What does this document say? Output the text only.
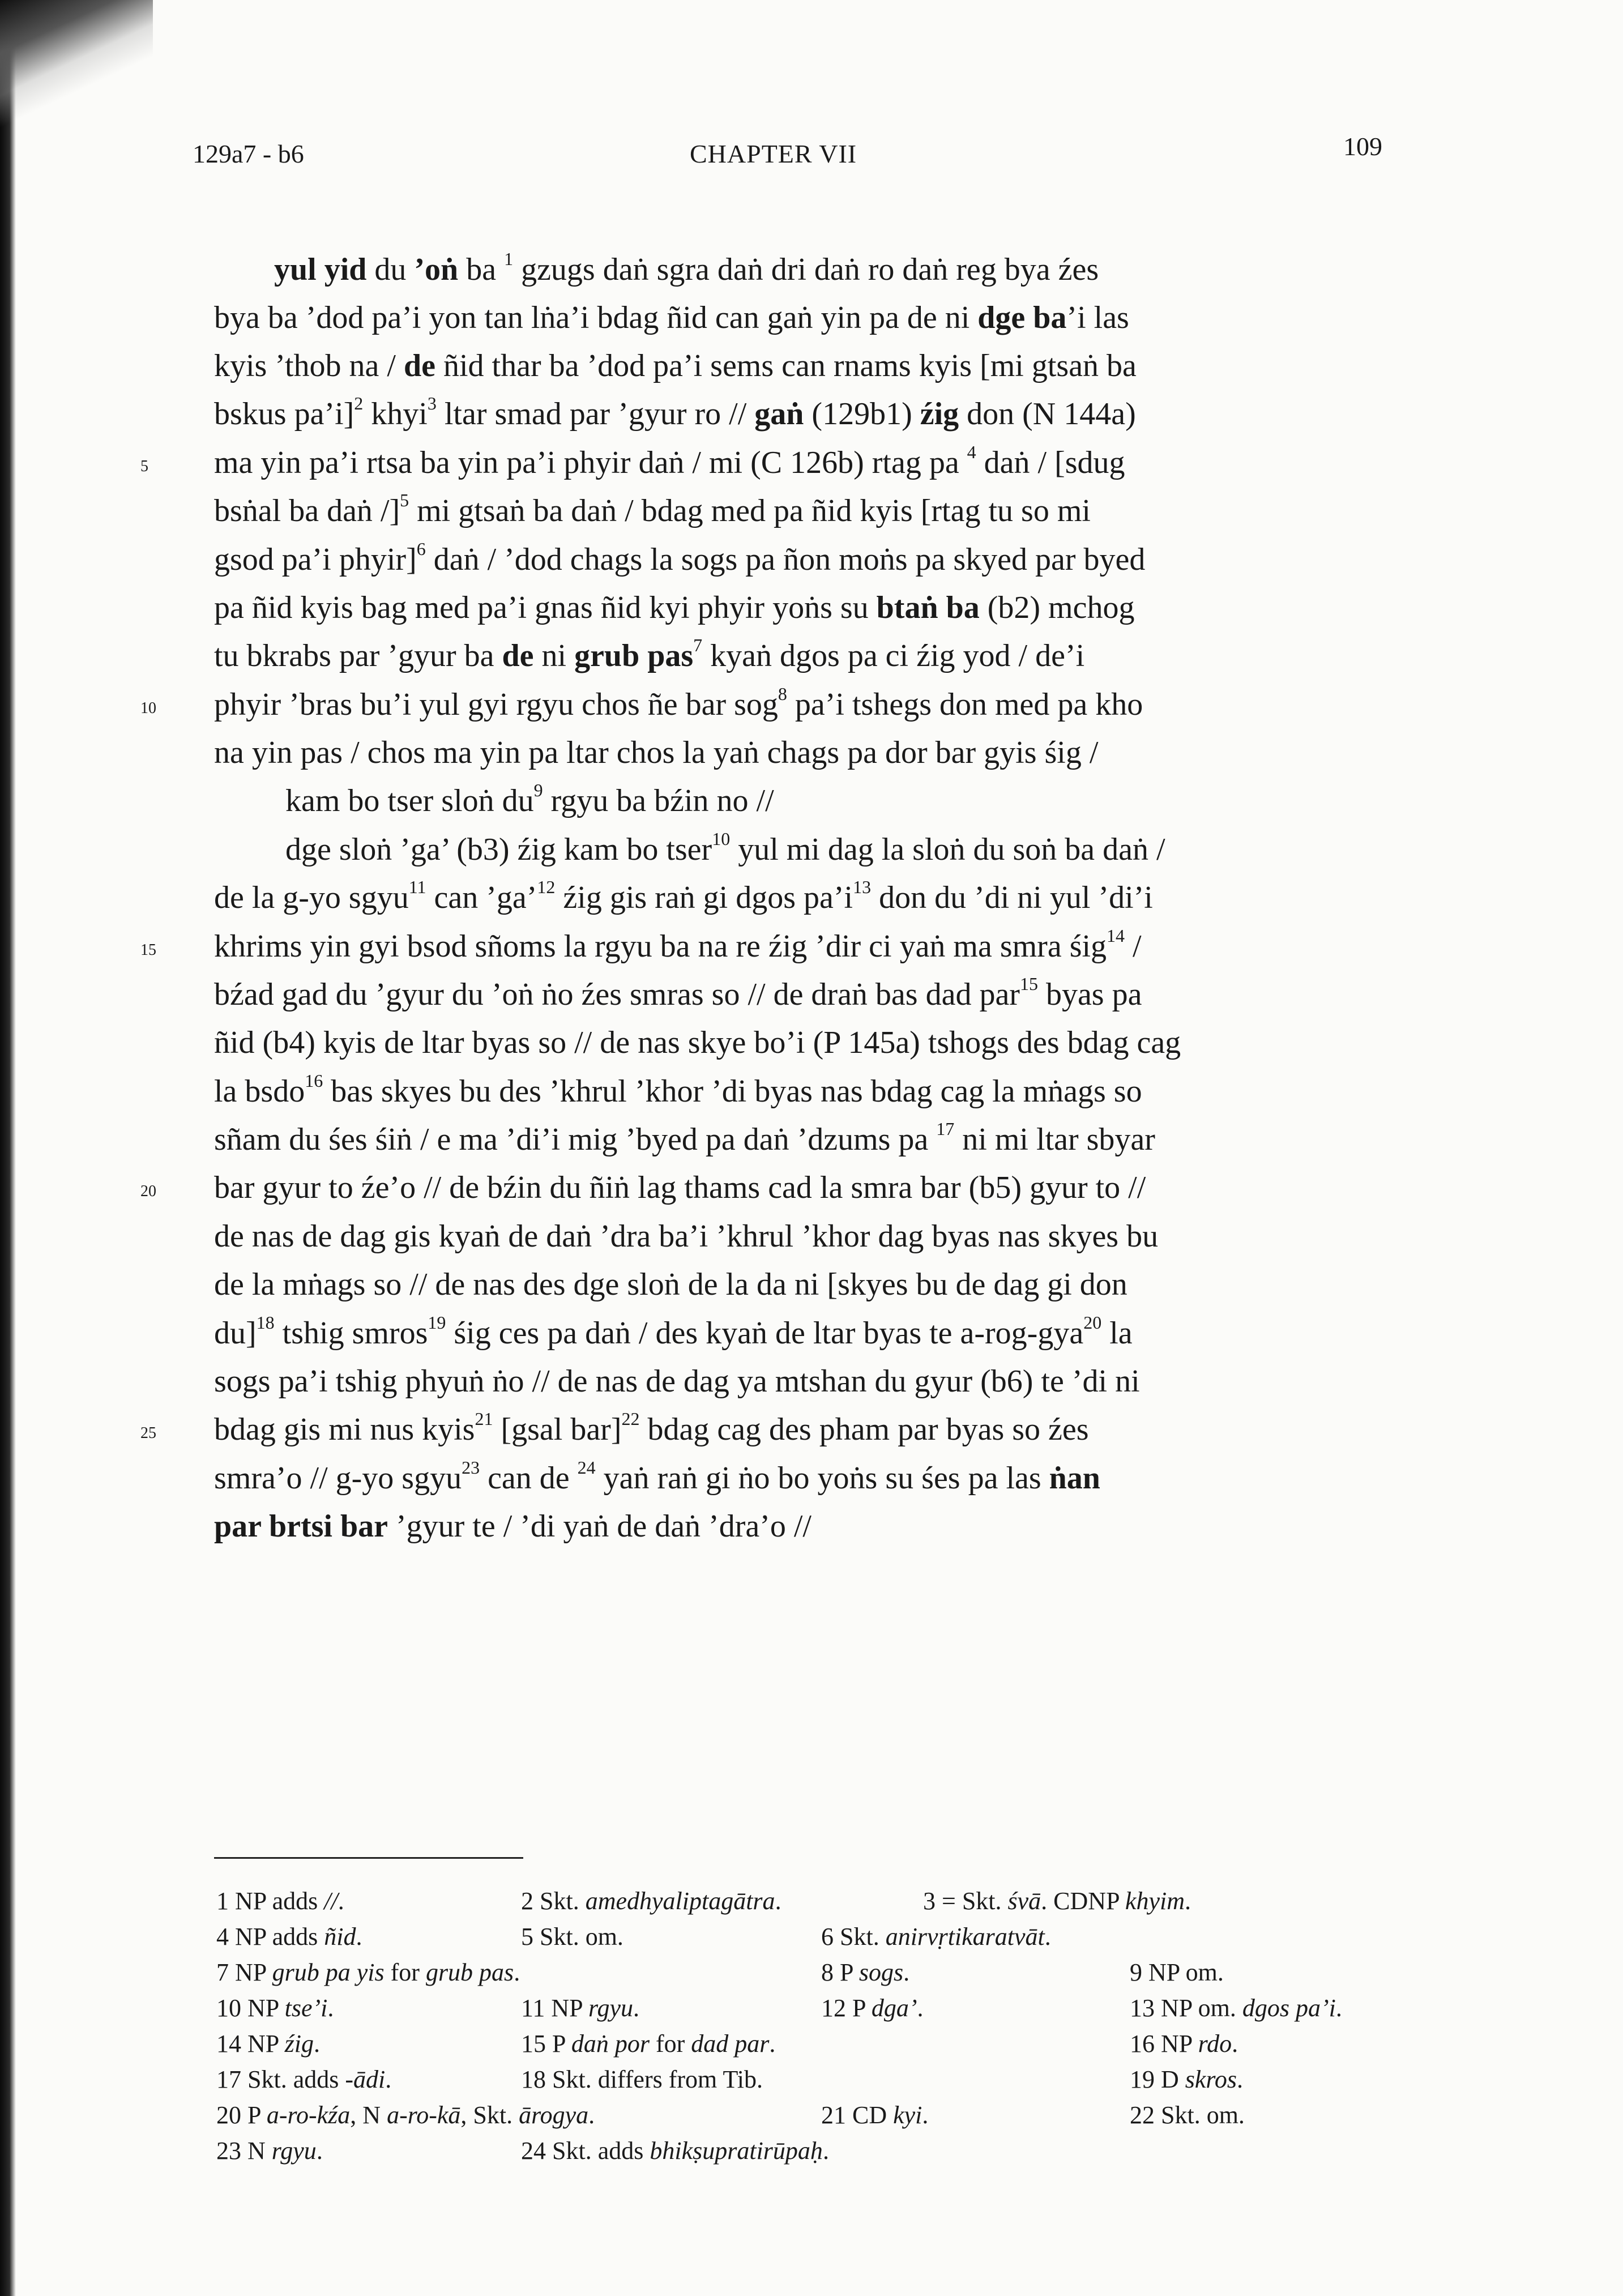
129a7 - b6	CHAPTER VII	109
yul yid du ’oṅ ba $^1$ gzugs daṅ sgra daṅ dri daṅ ro daṅ reg bya źes
bya ba ’dod pa’i yon tan lṅa’i bdag ñid can gaṅ yin pa de ni dge ba’i las
kyis ’thob na / de ñid thar ba ’dod pa’i sems can rnams kyis [mi gtsaṅ ba
bskus pa’i]$^2$ khyi$^3$ ltar smad par ’gyur ro // gaṅ (129b1) źig don (N 144a)
ma yin pa’i rtsa ba yin pa’i phyir daṅ / mi (C 126b) rtag pa $^4$ daṅ / [sdug
bsṅal ba daṅ /]$^5$ mi gtsaṅ ba daṅ / bdag med pa ñid kyis [rtag tu so mi
gsod pa’i phyir]$^6$ daṅ / ’dod chags la sogs pa ñon moṅs pa skyed par byed
pa ñid kyis bag med pa’i gnas ñid kyi phyir yoṅs su btaṅ ba (b2) mchog
tu bkrabs par ’gyur ba de ni grub pas$^7$ kyaṅ dgos pa ci źig yod / de’i
phyir ’bras bu’i yul gyi rgyu chos ñe bar sog$^8$ pa’i tshegs don med pa kho
na yin pas / chos ma yin pa ltar chos la yaṅ chags pa dor bar gyis śig /
kam bo tser sloṅ $du^9$ rgyu ba bźin no //
dge sloṅ ’ga’ (b3) źig kam bo tser$^{10}$ yul mi dag la sloṅ du soṅ ba daṅ /
de la g-yo sgyu$^{11}$ can ’ga’$^{12}$ źig gis raṅ gi dgos $pa’i^{13}$ don du ’di ni yul ’di’i
khrims yin gyi bsod sñoms la rgyu ba na re źig ’dir ci yaṅ ma smra śig$^{14}$ /
bźad gad du ’gyur du ’oṅ ṅo źes smras so // de draṅ bas dad par$^{15}$ byas pa
ñid (b4) kyis de ltar byas so // de nas skye bo’i (P 145a) tshogs des bdag cag
la bsdo$^{16}$ bas skyes bu des ’khrul ’khor ’di byas nas bdag cag la mṅags so
sñam du śes śiṅ / e ma ’di’i mig ’byed pa daṅ ’dzums pa $^{17}$ ni mi ltar sbyar
bar gyur to źe’o // de bźin du ñiṅ lag thams cad la smra bar (b5) gyur to //
de nas de dag gis kyaṅ de daṅ ’dra ba’i ’khrul ’khor dag byas nas skyes bu
de la mṅags so // de nas des dge sloṅ de la da ni [skyes bu de dag gi don
du]$^{18}$ tshig smros$^{19}$ śig ces pa daṅ / des kyaṅ de ltar byas te a-rog-gya$^{20}$ la
sogs pa’i tshig phyuṅ ṅo // de nas de dag ya mtshan du gyur (b6) te ’di ni
bdag gis mi nus kyis$^{21}$ [gsal bar]$^{22}$ bdag cag des pham par byas so źes
smra’o // g-yo sgyu$^{23}$ can de $^{24}$ yaṅ raṅ gi ṅo bo yoṅs su śes pa las ṅan
par brtsi bar ’gyur te / ’di yaṅ de daṅ ’dra’o //
5
10
15
20
25
1 NP adds //.	2 Skt. amedhyaliptagātra.	3 = Skt. śvā. CDNP khyim.
4 NP adds ñid.	5 Skt. om.	6 Skt. anirvṛtikaratvāt.
7 NP grub pa yis for grub pas.	8 P sogs.	9 NP om.
10 NP tse’i.	11 NP rgyu.	12 P dga’.	13 NP om. dgos pa’i.
14 NP źig.	15 P daṅ por for dad par.	16 NP rdo.
17 Skt. adds -ādi.	18 Skt. differs from Tib.	19 D skros.
20 P a-ro-kźa, N a-ro-kā, Skt. ārogya.	21 CD kyi.	22 Skt. om.
23 N rgyu.	24 Skt. adds bhikṣupratirūpaḥ.
